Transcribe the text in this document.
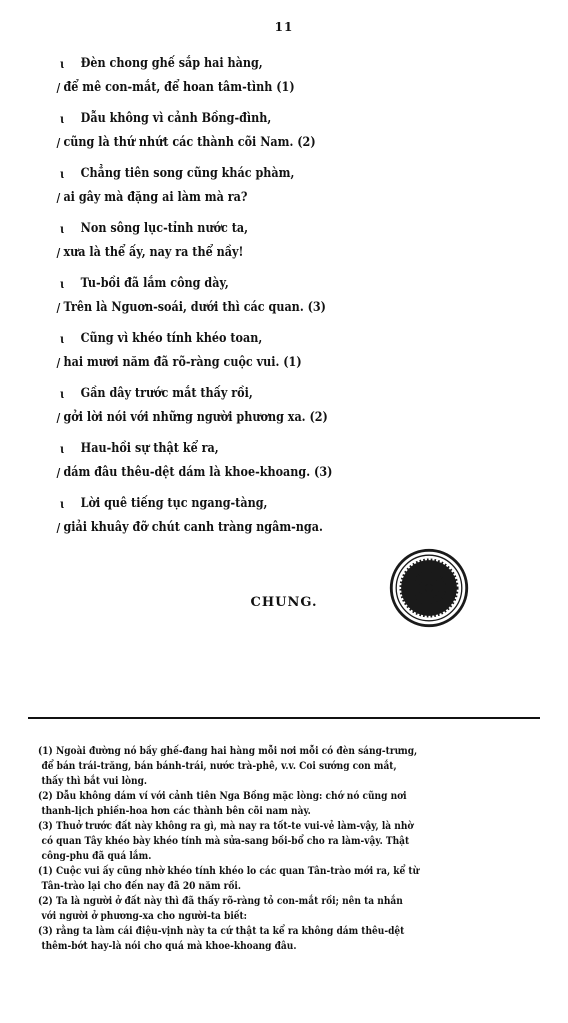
11
ɩ Đèn chong ghế sắp hai hàng,
/ để mê con-mắt, để hoan tâm-tình (1)
ɩ Dẫu không vì cảnh Bồng-đình,
/ cũng là thứ nhứt các thành cõi Nam. (2)
ɩ Chẳng tiên song cũng khác phàm,
/ ai gây mà đặng ai làm mà ra?
ɩ Non sông lục-tỉnh nước ta,
/ xưa là thể ấy, nay ra thể nầy!
ɩ Tu-bồi đã lắm công dày,
/ Trên là Nguơn-soái, dưới thì các quan. (3)
ɩ Cũng vì khéo tính khéo toan,
/ hai mươi năm đã rõ-ràng cuộc vui. (1)
ɩ Gần dây trước mắt thấy rồi,
/ gởi lời nói với những người phương xa. (2)
ɩ Hau-hồi sự thật kể ra,
/ dám đâu thêu-dệt dám là khoe-khoang. (3)
ɩ Lời quê tiếng tục ngang-tàng,
/ giải khuây đỡ chút canh tràng ngâm-nga.
CHUNG.
(1) Ngoài đường nó bầy ghế-đang hai hàng mỗi nơi mỗi có đèn sáng-trưng,
để bán trái-trăng, bán bánh-trái, nước trà-phê, v.v. Coi sướng con mắt,
thấy thì bắt vui lòng.
(2) Dẫu không dám ví với cảnh tiên Nga Bồng mặc lòng: chớ nó cũng nơi
thanh-lịch phiền-hoa hơn các thành bên cõi nam này.
(3) Thuở trước đất này không ra gì, mà nay ra tốt-te vui-vẻ làm-vậy, là nhờ
có quan Tây khéo bày khéo tính mà sửa-sang bồi-bổ cho ra làm-vậy. Thật
công-phu đã quá lắm.
(1) Cuộc vui ấy cũng nhờ khéo tính khéo lo các quan Tân-trào mới ra, kể từ
Tân-trào lại cho đến nay đã 20 năm rồi.
(2) Ta là người ở đất này thì đã thấy rõ-ràng tỏ con-mắt rồi; nên ta nhắn
với người ở phương-xa cho người-ta biết:
(3) rằng ta làm cái điệu-vịnh này ta cứ thật ta kể ra không dám thêu-dệt
thêm-bớt hay-là nói cho quá mà khoe-khoang đâu.
